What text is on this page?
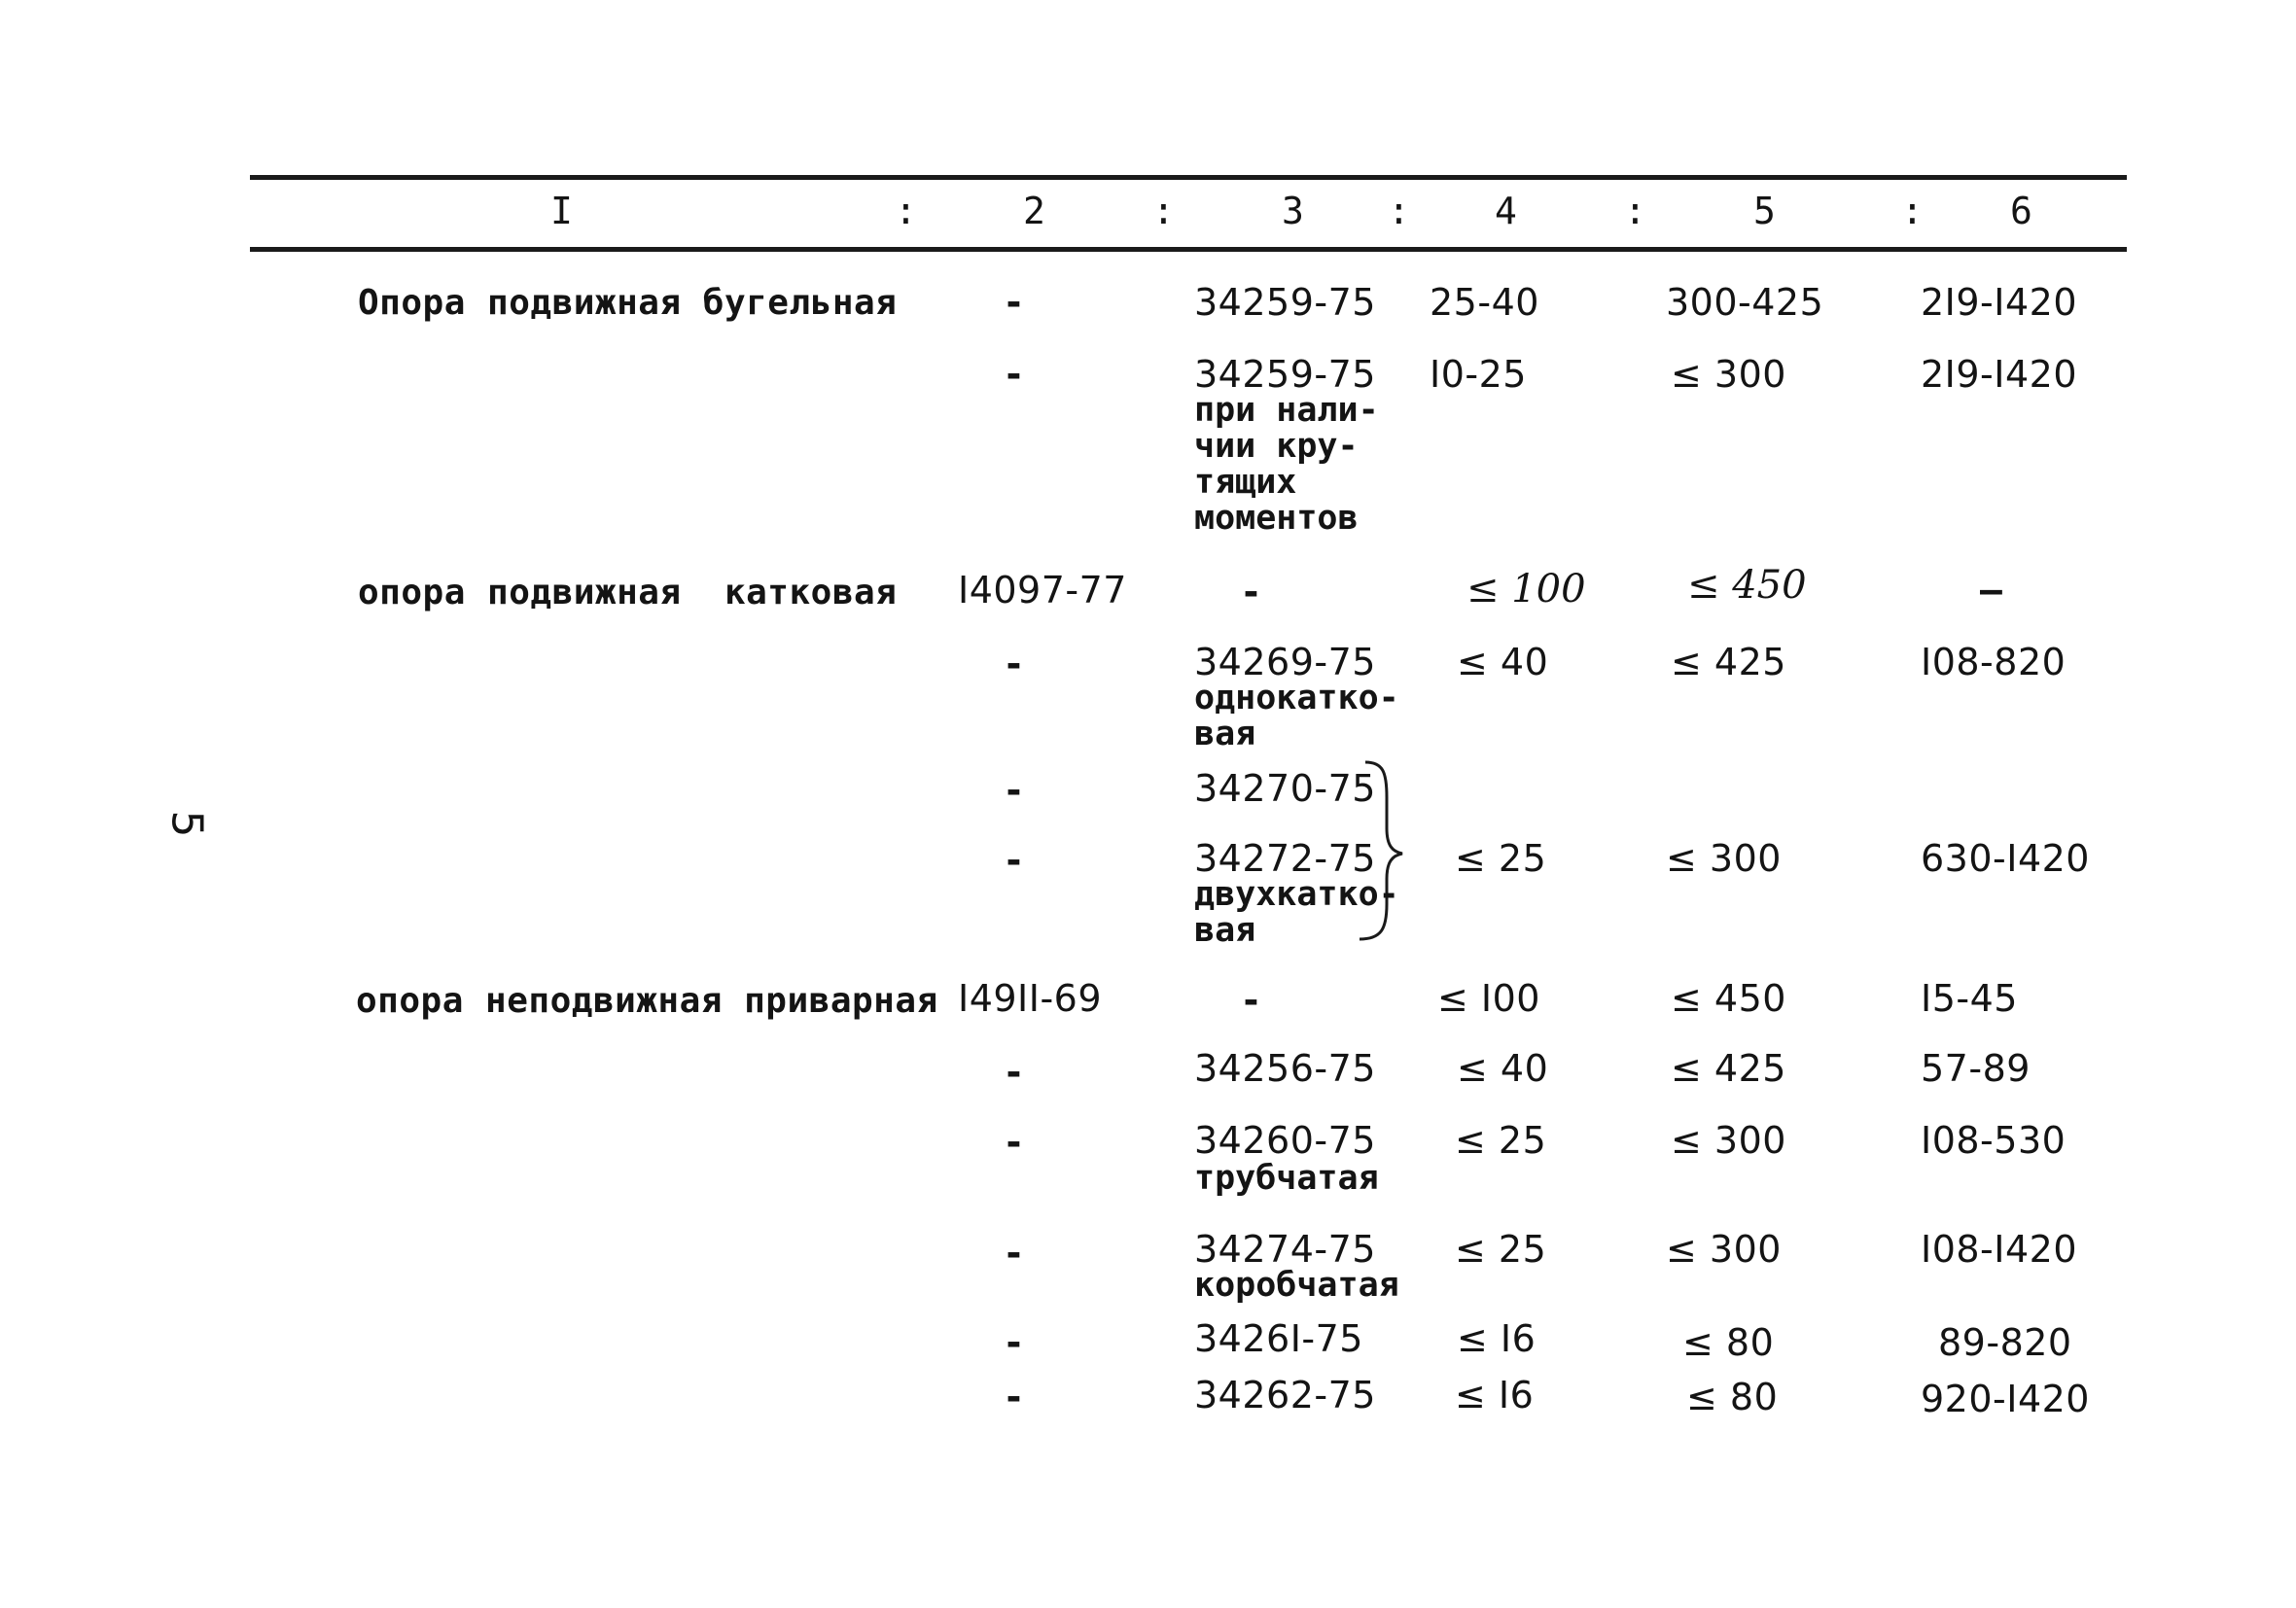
I	:	2	:	3 : 4	:	5	: 6
Опора подвижная бугельная	-	34259-75 25-40	300-425	2I9-I420
-	34259-75
при нали-
чии кру-
тящих
моментов
I0-25	≤ 300	2I9-I420
опора подвижная  катковая I4097-77	-	≤ 100	≤ 450	—
-	34269-75
однокатко-
вая
≤ 40	≤ 425	I08-820
-	34270-75
-	34272-75
двухкатко-
вая
≤ 25	≤ 300	630-I420
опора неподвижная приварная I49II-69	-	≤ I00	≤ 450	I5-45
-	34256-75 ≤ 40	≤ 425	57-89
-	34260-75
трубчатая
≤ 25	≤ 300	I08-530
-	34274-75
коробчатая
≤ 25	≤ 300	I08-I420
-	3426I-75	≤ I6	≤ 80	89-820
-	34262-75 ≤ I6	≤ 80	920-I420
5
